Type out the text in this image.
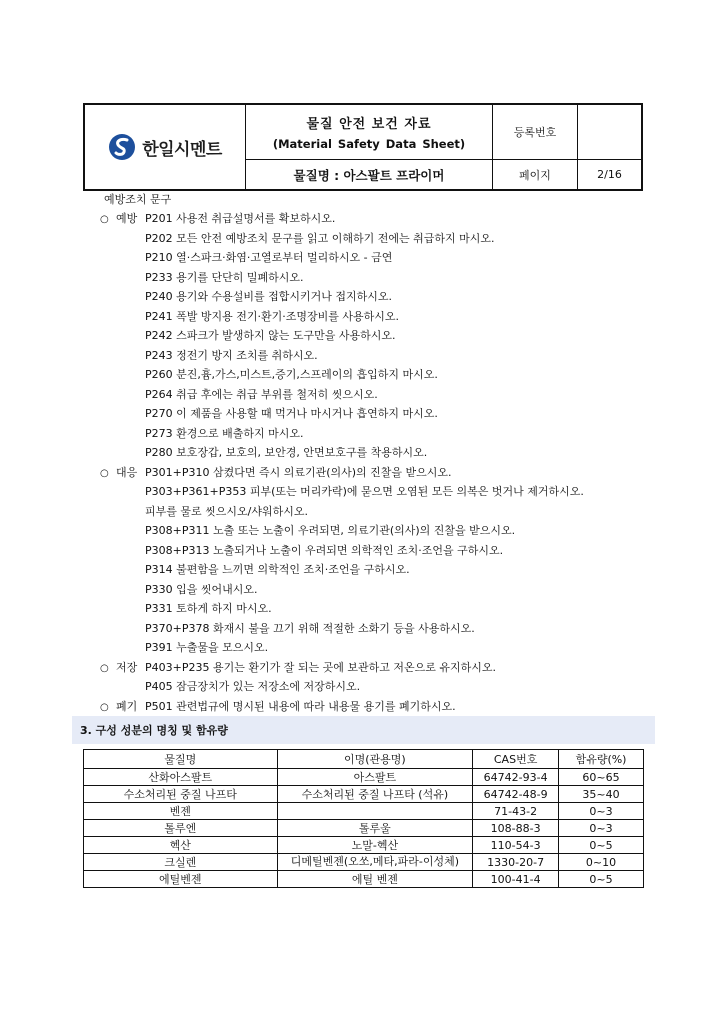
한일시멘트
물질 안전 보건 자료
(Material Safety Data Sheet)
물질명 : 아스팔트 프라이머
등록번호
페이지	2/16
예방조치 문구
○ 예방 P201 사용전 취급설명서를 확보하시오.
P202 모든 안전 예방조치 문구를 읽고 이해하기 전에는 취급하지 마시오.
P210 열·스파크·화염·고열로부터 멀리하시오 - 금연
P233 용기를 단단히 밀폐하시오.
P240 용기와 수용설비를 접합시키거나 접지하시오.
P241 폭발 방지용 전기·환기·조명장비를 사용하시오.
P242 스파크가 발생하지 않는 도구만을 사용하시오.
P243 정전기 방지 조치를 취하시오.
P260 분진,흄,가스,미스트,증기,스프레이의 흡입하지 마시오.
P264 취급 후에는 취급 부위를 철저히 씻으시오.
P270 이 제품을 사용할 때 먹거나 마시거나 흡연하지 마시오.
P273 환경으로 배출하지 마시오.
P280 보호장갑, 보호의, 보안경, 안면보호구를 착용하시오.
○ 대응 P301+P310 삼켰다면 즉시 의료기관(의사)의 진찰을 받으시오.
P303+P361+P353 피부(또는 머리카락)에 묻으면 오염된 모든 의복은 벗거나 제거하시오.
피부를 물로 씻으시오/샤워하시오.
P308+P311 노출 또는 노출이 우려되면, 의료기관(의사)의 진찰을 받으시오.
P308+P313 노출되거나 노출이 우려되면 의학적인 조치·조언을 구하시오.
P314 불편함을 느끼면 의학적인 조치·조언을 구하시오.
P330 입을 씻어내시오.
P331 토하게 하지 마시오.
P370+P378 화재시 불을 끄기 위해 적절한 소화기 등을 사용하시오.
P391 누출물을 모으시오.
○ 저장 P403+P235 용기는 환기가 잘 되는 곳에 보관하고 저온으로 유지하시오.
P405 잠금장치가 있는 저장소에 저장하시오.
○ 폐기 P501 관련법규에 명시된 내용에 따라 내용물 용기를 폐기하시오.
3. 구성 성분의 명칭 및 함유량
물질명	이명(관용명)	CAS번호	함유량(%)
산화아스팔트	아스팔트	64742-93-4	60~65
수소처리된 중질 나프타	수소처리된 중질 나프타 (석유)	64742-48-9	35~40
벤젠		71-43-2	0~3
톨루엔	톨루울	108-88-3	0~3
헥산	노말-헥산	110-54-3	0~5
크실렌	디메틸벤젠(오쏘,메타,파라-이성체)	1330-20-7	0~10
에틸벤젠	에틸 벤젠	100-41-4	0~5
